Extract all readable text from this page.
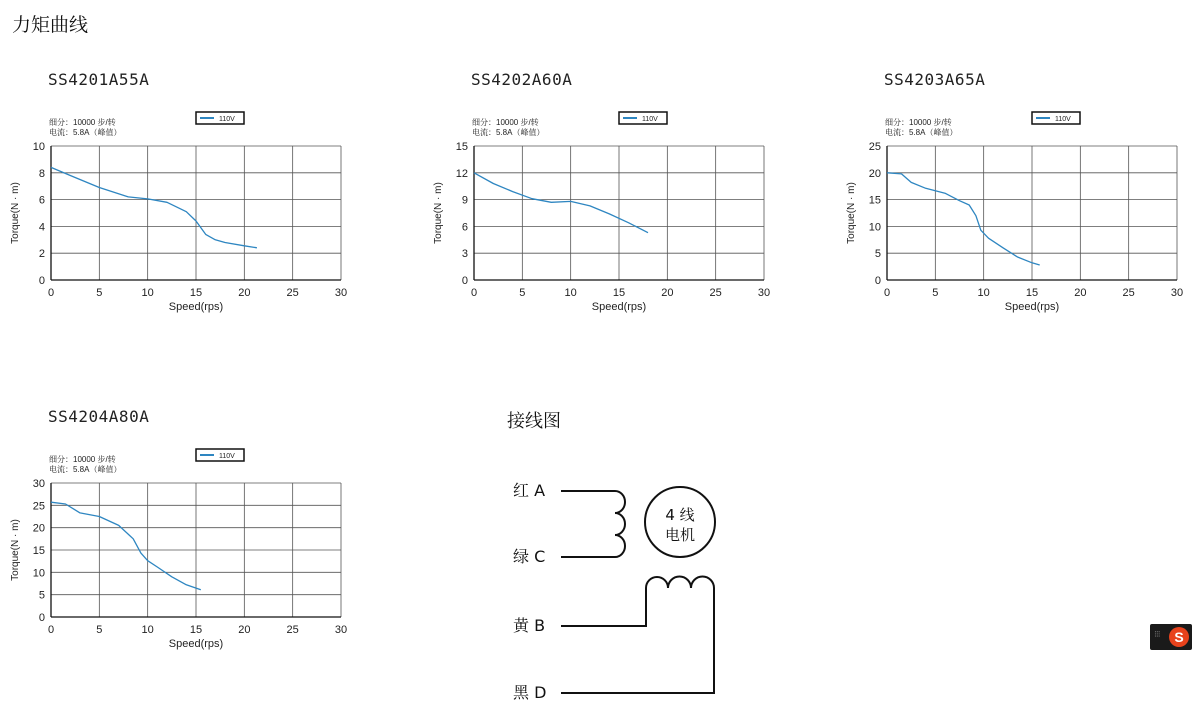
力矩曲线
SS4201A55A
细分：10000 步/转
电流：5.8A（峰值）
110V
0	5	10	15	20	25	30
0
2
4
6
8
10
Speed(rps)
Torque(N · m)
SS4202A60A
细分：10000 步/转
电流：5.8A（峰值）
110V
0	5	10	15	20	25	30
0
3
6
9
12
15
Speed(rps)
Torque(N · m)
SS4203A65A
细分：10000 步/转
电流：5.8A（峰值）
110V
0	5	10	15	20	25	30
0
5
10
15
20
25
Speed(rps)
Torque(N · m)
SS4204A80A
细分：10000 步/转
电流：5.8A（峰值）
110V
0	5	10	15	20	25	30
0
5
10
15
20
25
30
Speed(rps)
Torque(N · m)
接线图
红 A
绿 C
黄 B
黑 D
4 线
电机
⁝⁝⁝	S
